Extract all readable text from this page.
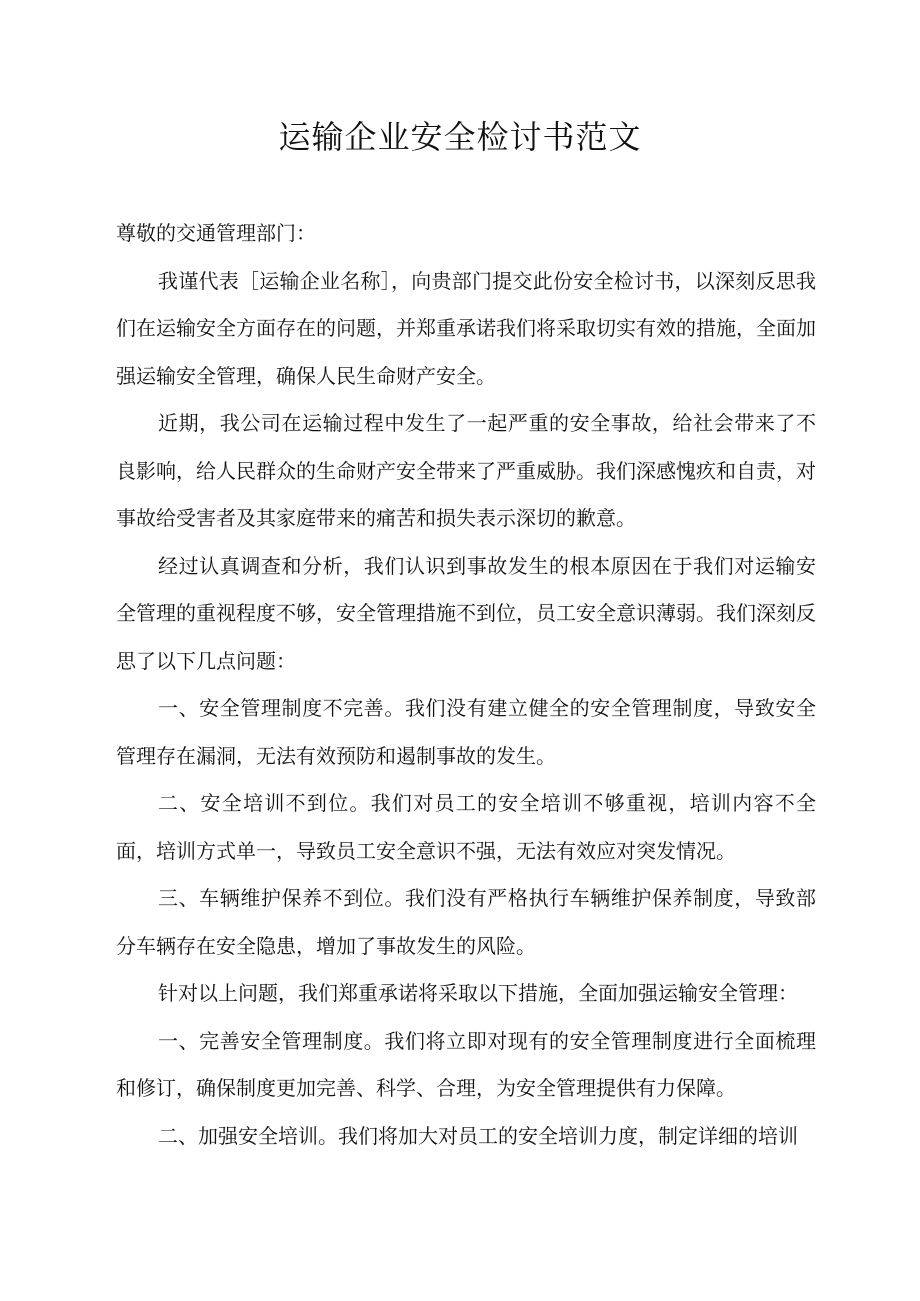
运输企业安全检讨书范文

尊敬的交通管理部门：

我谨代表［运输企业名称］，向贵部门提交此份安全检讨书，以深刻反思我们在运输安全方面存在的问题，并郑重承诺我们将采取切实有效的措施，全面加强运输安全管理，确保人民生命财产安全。

近期，我公司在运输过程中发生了一起严重的安全事故，给社会带来了不良影响，给人民群众的生命财产安全带来了严重威胁。我们深感愧疚和自责，对事故给受害者及其家庭带来的痛苦和损失表示深切的歉意。

经过认真调查和分析，我们认识到事故发生的根本原因在于我们对运输安全管理的重视程度不够，安全管理措施不到位，员工安全意识薄弱。我们深刻反思了以下几点问题：

一、安全管理制度不完善。我们没有建立健全的安全管理制度，导致安全管理存在漏洞，无法有效预防和遏制事故的发生。

二、安全培训不到位。我们对员工的安全培训不够重视，培训内容不全面，培训方式单一，导致员工安全意识不强，无法有效应对突发情况。

三、车辆维护保养不到位。我们没有严格执行车辆维护保养制度，导致部分车辆存在安全隐患，增加了事故发生的风险。

针对以上问题，我们郑重承诺将采取以下措施，全面加强运输安全管理：

一、完善安全管理制度。我们将立即对现有的安全管理制度进行全面梳理和修订，确保制度更加完善、科学、合理，为安全管理提供有力保障。

二、加强安全培训。我们将加大对员工的安全培训力度，制定详细的培训
